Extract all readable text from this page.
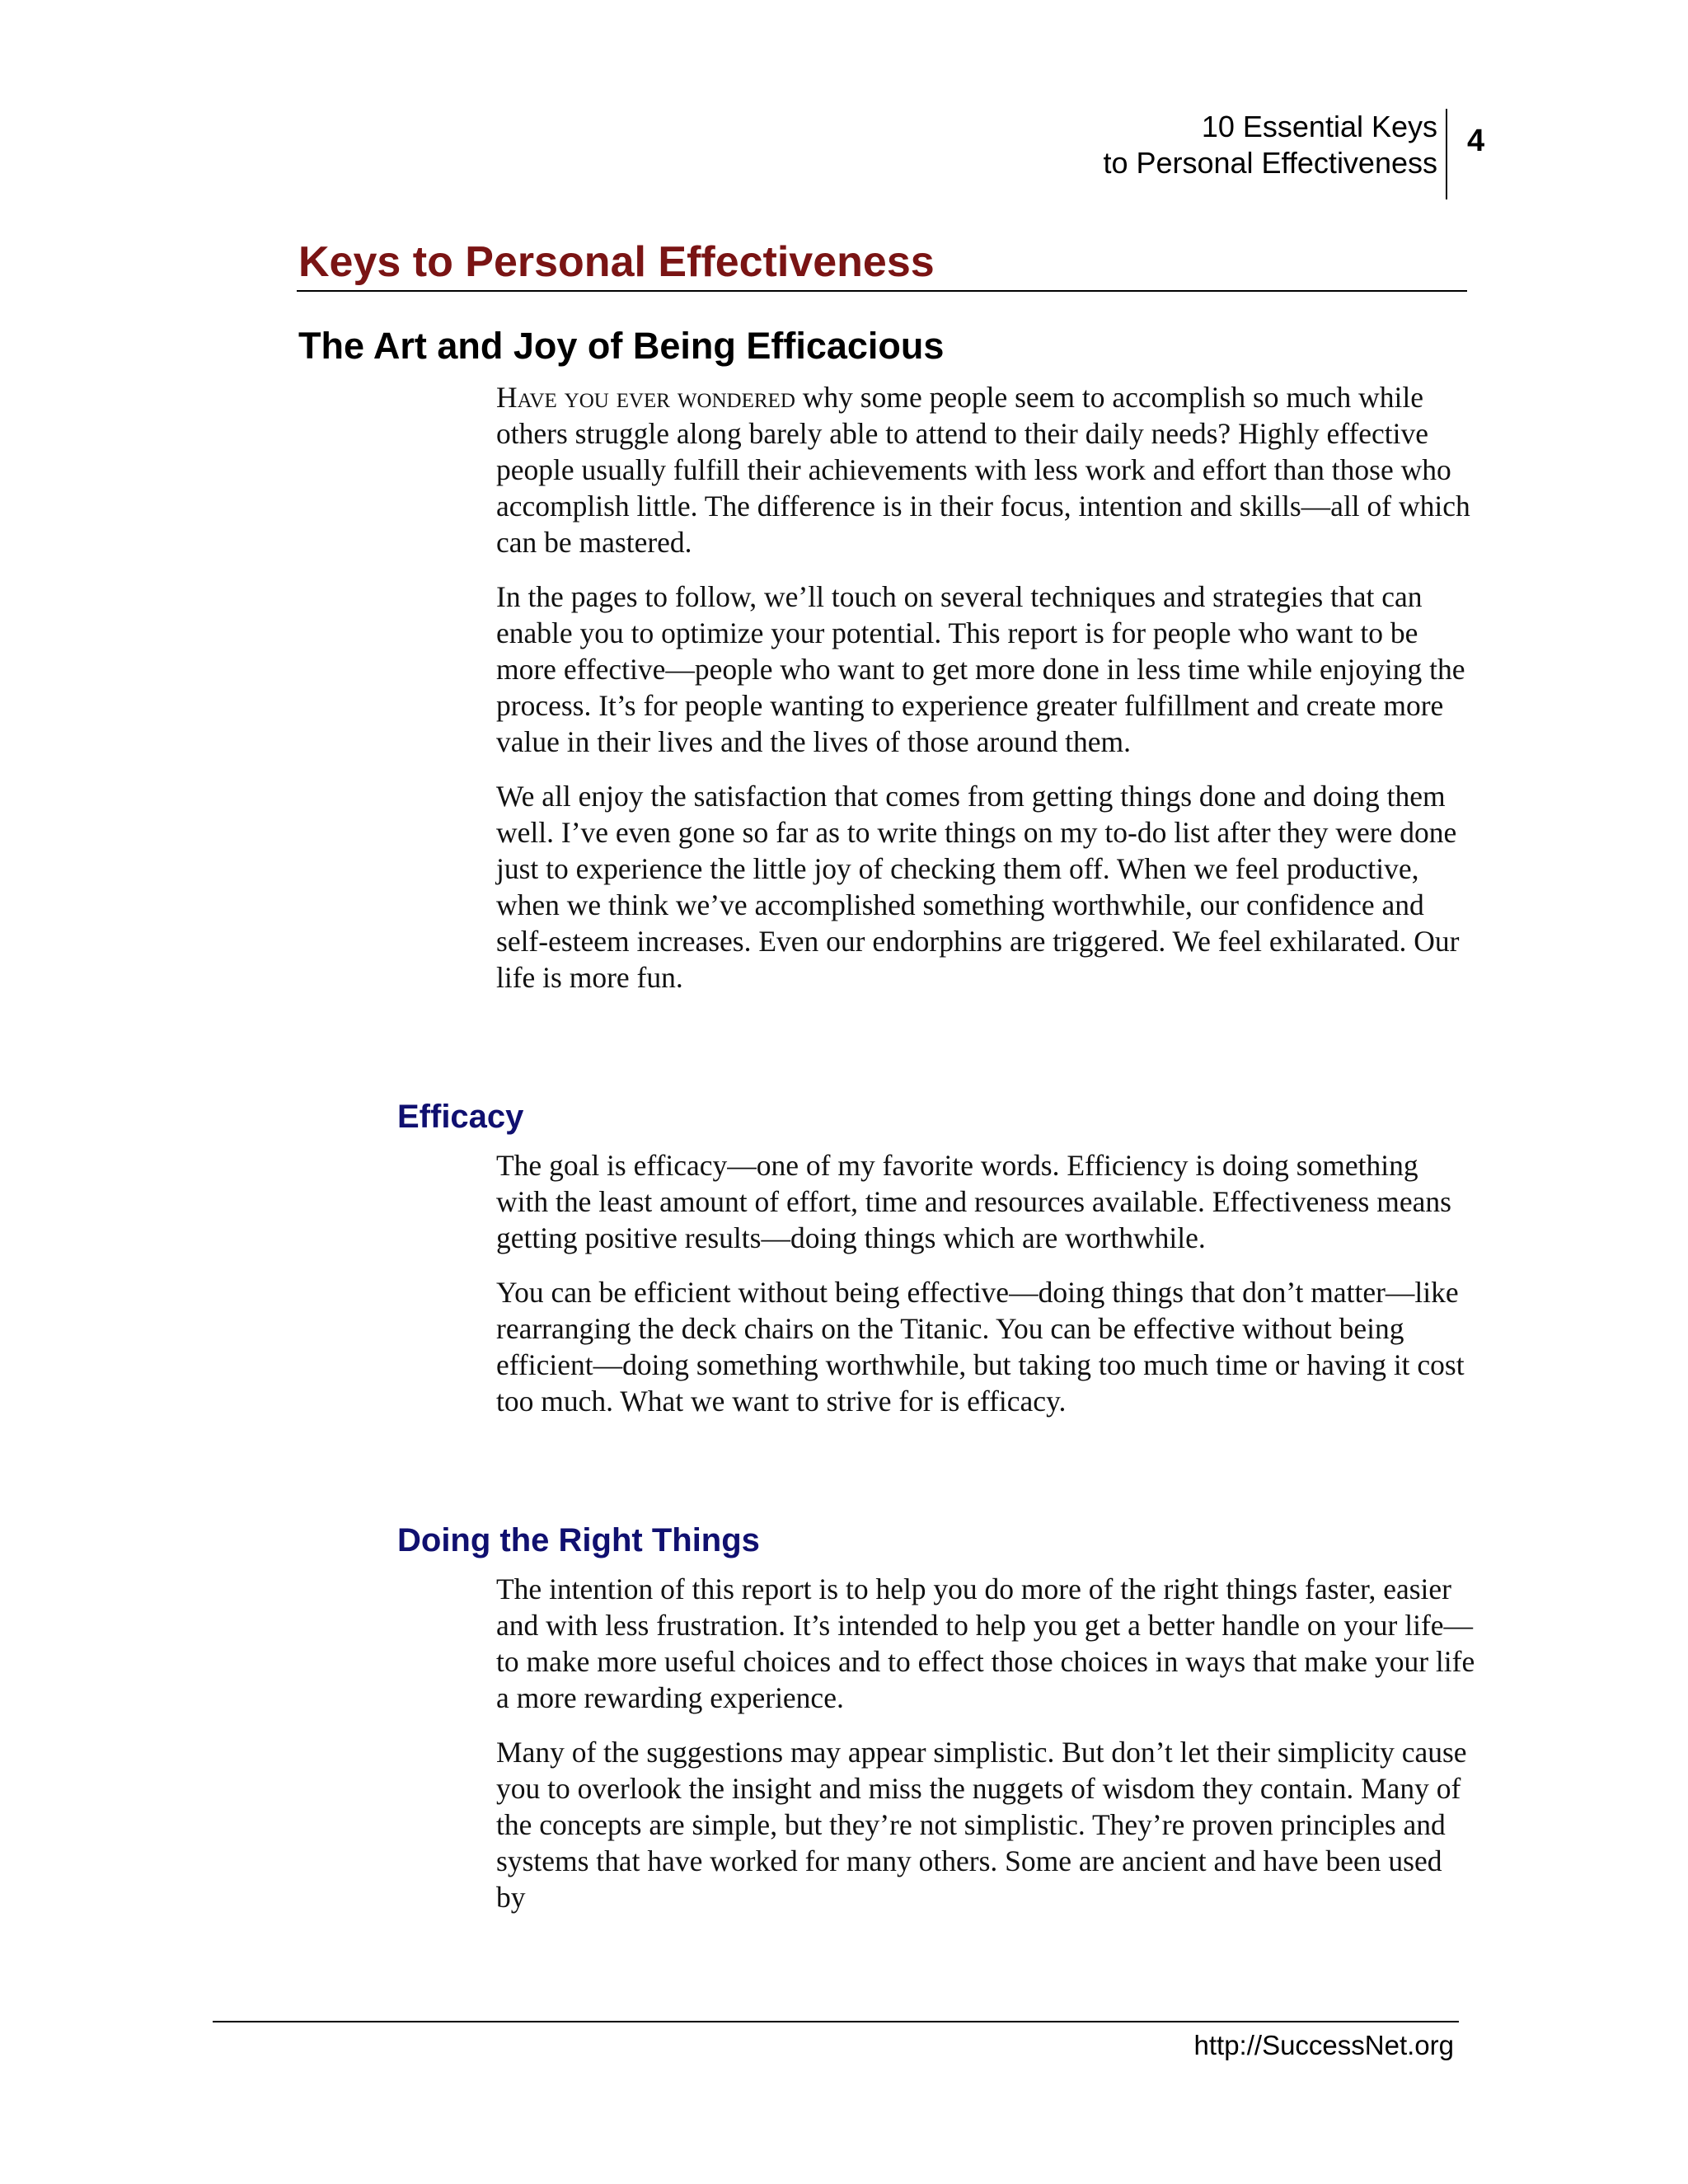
10 Essential Keys
to Personal Effectiveness
4
Keys to Personal Effectiveness
The Art and Joy of Being Efficacious

Have you ever wondered why some people seem to accomplish so much while others struggle along barely able to attend to their daily needs? Highly effective people usually fulfill their achievements with less work and effort than those who accomplish little. The difference is in their focus, intention and skills—all of which can be mastered.

In the pages to follow, we’ll touch on several techniques and strategies that can enable you to optimize your potential. This report is for people who want to be more effective—people who want to get more done in less time while enjoying the process. It’s for people wanting to experience greater fulfillment and create more value in their lives and the lives of those around them.

We all enjoy the satisfaction that comes from getting things done and doing them well. I’ve even gone so far as to write things on my to-do list after they were done just to experience the little joy of checking them off. When we feel productive, when we think we’ve accomplished something worthwhile, our confidence and self-esteem increases. Even our endorphins are triggered. We feel exhilarated. Our life is more fun.

Efficacy

The goal is efficacy—one of my favorite words. Efficiency is doing something with the least amount of effort, time and resources available. Effectiveness means getting positive results—doing things which are worthwhile.

You can be efficient without being effective—doing things that don’t matter—like rearranging the deck chairs on the Titanic. You can be effective without being efficient—doing something worthwhile, but taking too much time or having it cost too much. What we want to strive for is efficacy.

Doing the Right Things

The intention of this report is to help you do more of the right things faster, easier and with less frustration. It’s intended to help you get a better handle on your life—to make more useful choices and to effect those choices in ways that make your life a more rewarding experience.

Many of the suggestions may appear simplistic. But don’t let their simplicity cause you to overlook the insight and miss the nuggets of wisdom they contain. Many of the concepts are simple, but they’re not simplistic. They’re proven principles and systems that have worked for many others. Some are ancient and have been used by

http://SuccessNet.org
